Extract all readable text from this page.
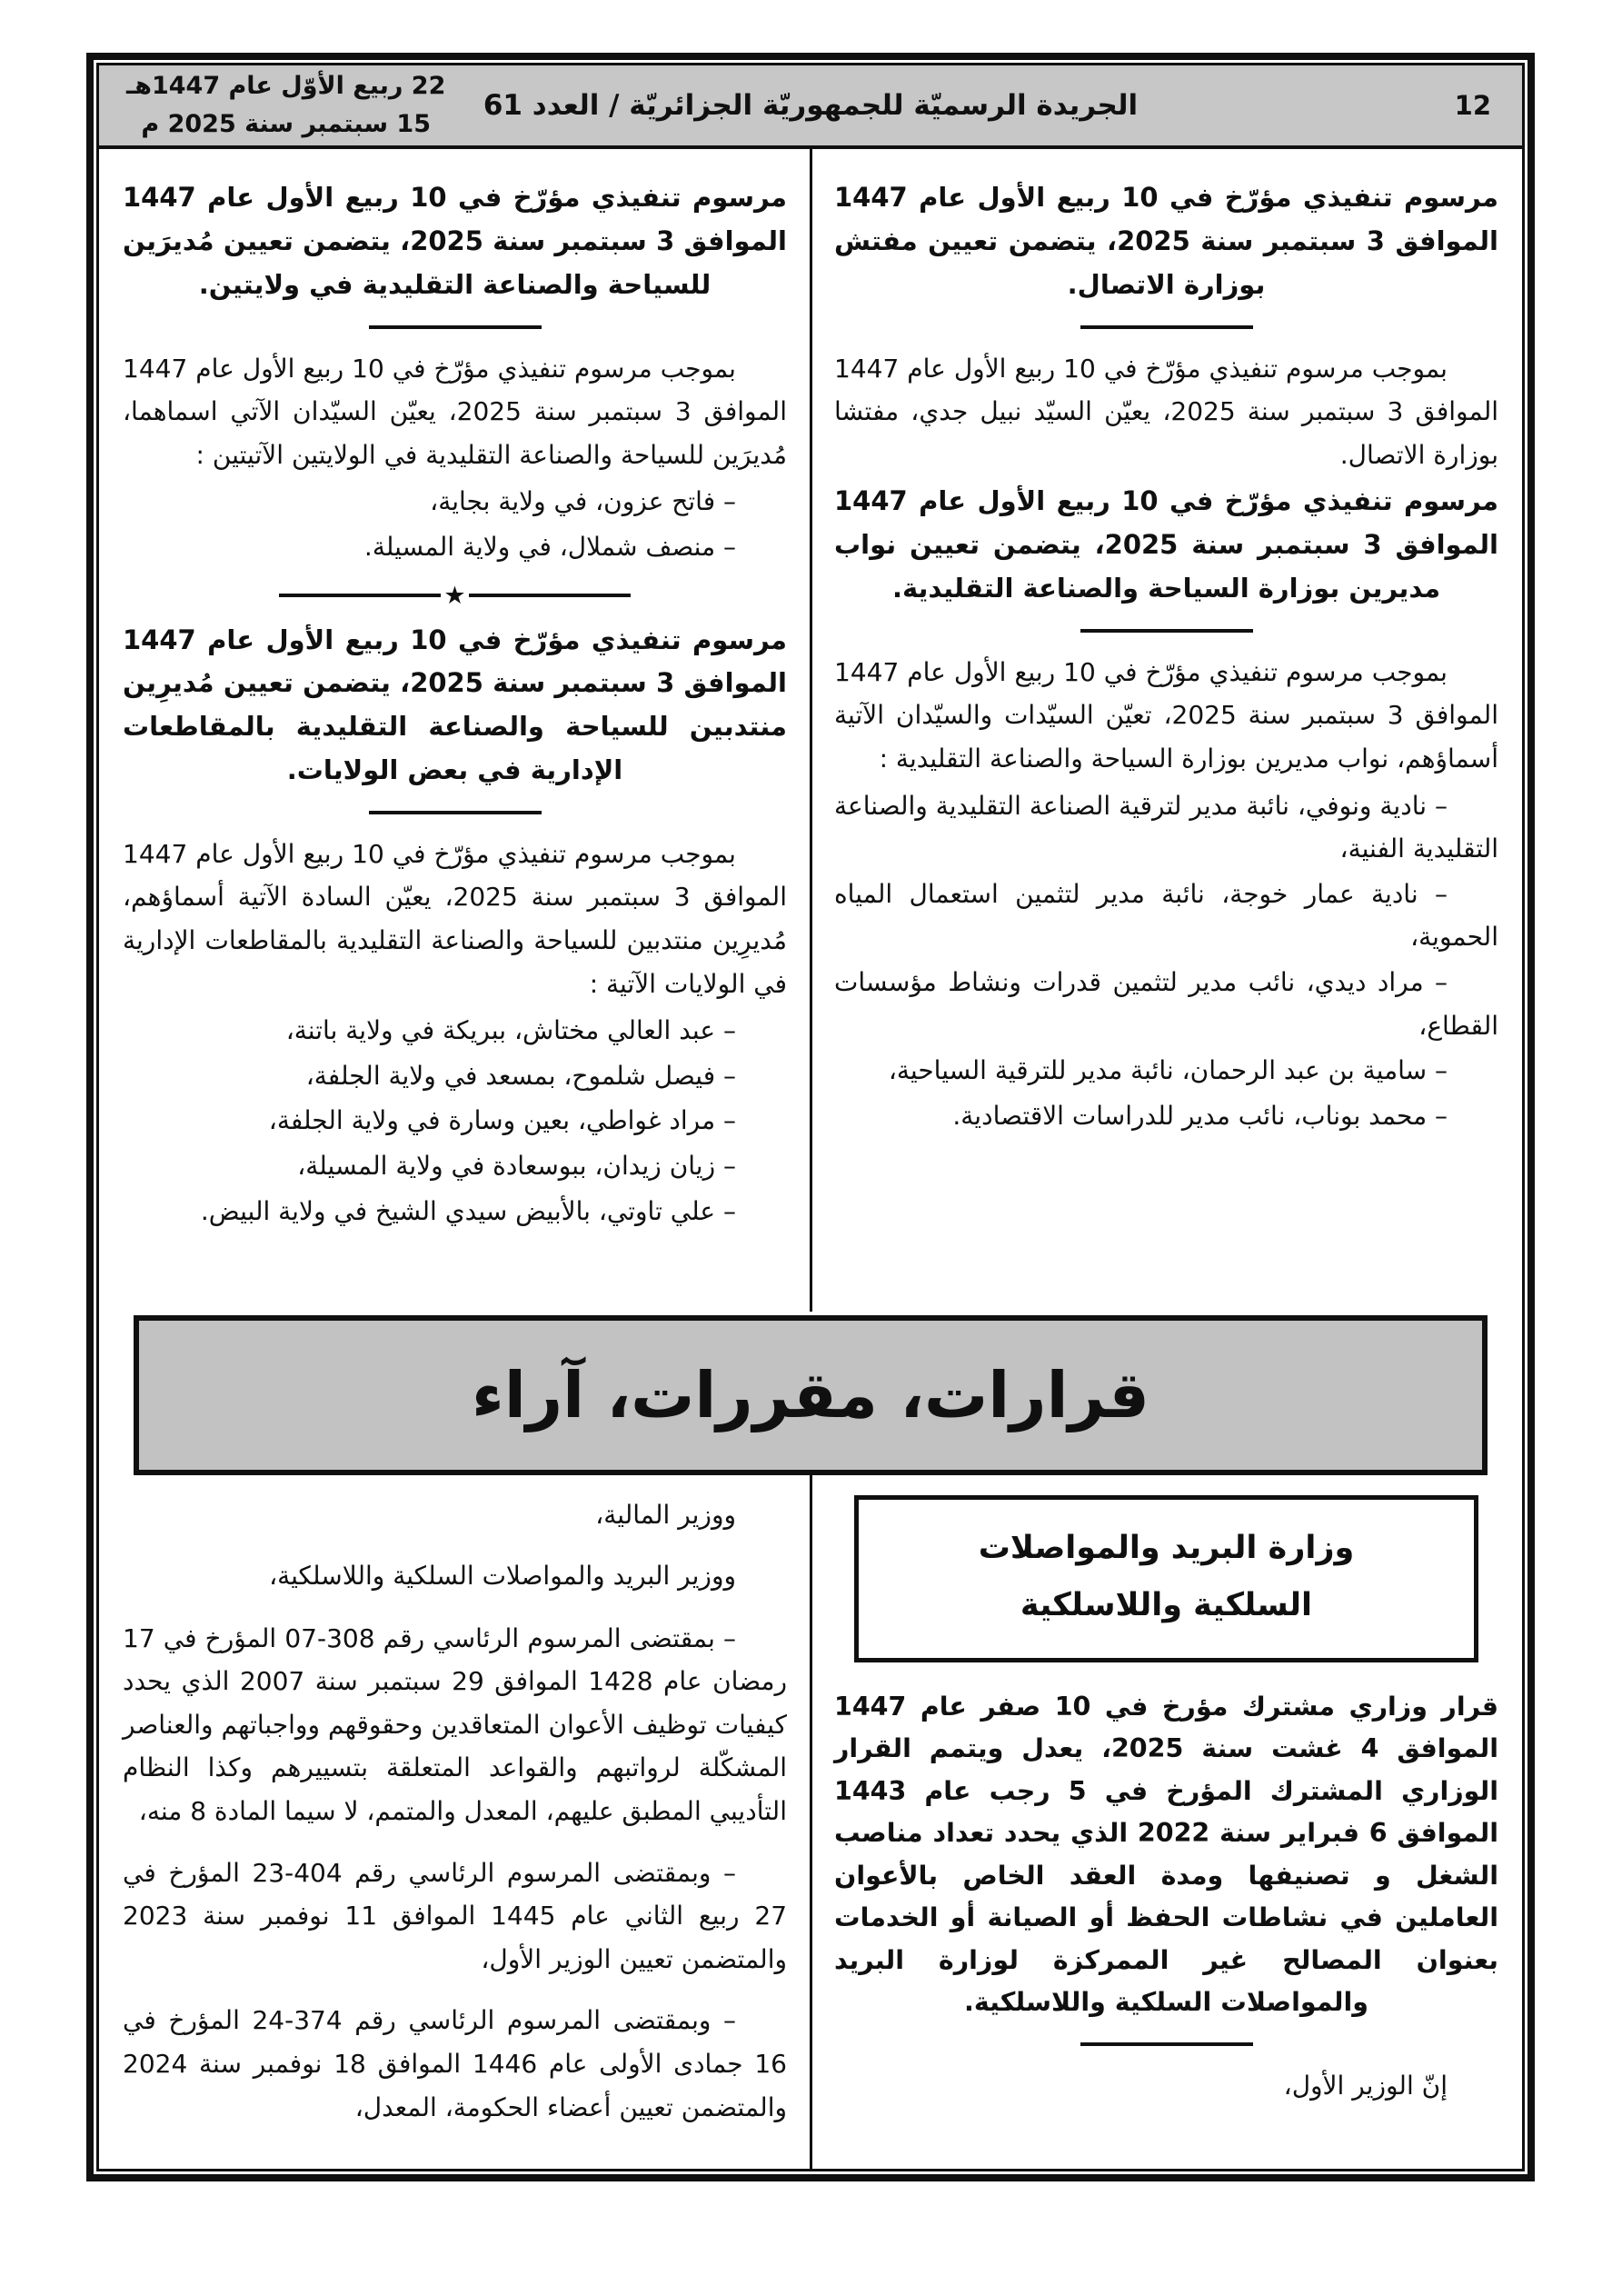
22 ربيع الأوّل عام 1447هـ
15 سبتمبر سنة 2025 م
الجريدة الرسميّة للجمهوريّة الجزائريّة / العدد 61	12

مرسوم تنفيذي مؤرّخ في 10 ربيع الأول عام 1447 الموافق 3 سبتمبر سنة 2025، يتضمن تعيين مفتش بوزارة الاتصال.

بموجب مرسوم تنفيذي مؤرّخ في 10 ربيع الأول عام 1447 الموافق 3 سبتمبر سنة 2025، يعيّن السيّد نبيل جدي، مفتشا بوزارة الاتصال.

مرسوم تنفيذي مؤرّخ في 10 ربيع الأول عام 1447 الموافق 3 سبتمبر سنة 2025، يتضمن تعيين نواب مديرين بوزارة السياحة والصناعة التقليدية.

بموجب مرسوم تنفيذي مؤرّخ في 10 ربيع الأول عام 1447 الموافق 3 سبتمبر سنة 2025، تعيّن السيّدات والسيّدان الآتية أسماؤهم، نواب مديرين بوزارة السياحة والصناعة التقليدية :

– نادية ونوفي، نائبة مدير لترقية الصناعة التقليدية والصناعة التقليدية الفنية،

– نادية عمار خوجة، نائبة مدير لتثمين استعمال المياه الحموية،

– مراد ديدي، نائب مدير لتثمين قدرات ونشاط مؤسسات القطاع،

– سامية بن عبد الرحمان، نائبة مدير للترقية السياحية،

– محمد بوناب، نائب مدير للدراسات الاقتصادية.

مرسوم تنفيذي مؤرّخ في 10 ربيع الأول عام 1447 الموافق 3 سبتمبر سنة 2025، يتضمن تعيين مُديرَين للسياحة والصناعة التقليدية في ولايتين.

بموجب مرسوم تنفيذي مؤرّخ في 10 ربيع الأول عام 1447 الموافق 3 سبتمبر سنة 2025، يعيّن السيّدان الآتي اسماهما، مُديرَين للسياحة والصناعة التقليدية في الولايتين الآتيتين :

– فاتح عزون، في ولاية بجاية،

– منصف شملال، في ولاية المسيلة.

★

مرسوم تنفيذي مؤرّخ في 10 ربيع الأول عام 1447 الموافق 3 سبتمبر سنة 2025، يتضمن تعيين مُديرِين منتدبين للسياحة والصناعة التقليدية بالمقاطعات الإدارية في بعض الولايات.

بموجب مرسوم تنفيذي مؤرّخ في 10 ربيع الأول عام 1447 الموافق 3 سبتمبر سنة 2025، يعيّن السادة الآتية أسماؤهم، مُديرِين منتدبين للسياحة والصناعة التقليدية بالمقاطعات الإدارية في الولايات الآتية :

– عبد العالي مختاش، ببريكة في ولاية باتنة،

– فيصل شلموح، بمسعد في ولاية الجلفة،

– مراد غواطي، بعين وسارة في ولاية الجلفة،

– زيان زيدان، ببوسعادة في ولاية المسيلة،

– علي تاوتي، بالأبيض سيدي الشيخ في ولاية البيض.

قرارات، مقررات، آراء
وزارة البريد والمواصلات
السلكية واللاسلكية

قرار وزاري مشترك مؤرخ في 10 صفر عام 1447 الموافق 4 غشت سنة 2025، يعدل ويتمم القرار الوزاري المشترك المؤرخ في 5 رجب عام 1443 الموافق 6 فبراير سنة 2022 الذي يحدد تعداد مناصب الشغل و تصنيفها ومدة العقد الخاص بالأعوان العاملين في نشاطات الحفظ أو الصيانة أو الخدمات بعنوان المصالح غير الممركزة لوزارة البريد والمواصلات السلكية واللاسلكية.

إنّ الوزير الأول،

ووزير المالية،

ووزير البريد والمواصلات السلكية واللاسلكية،

– بمقتضى المرسوم الرئاسي رقم 308-07 المؤرخ في 17 رمضان عام 1428 الموافق 29 سبتمبر سنة 2007 الذي يحدد كيفيات توظيف الأعوان المتعاقدين وحقوقهم وواجباتهم والعناصر المشكّلة لرواتبهم والقواعد المتعلقة بتسييرهم وكذا النظام التأديبي المطبق عليهم، المعدل والمتمم، لا سيما المادة 8 منه،

– وبمقتضى المرسوم الرئاسي رقم 404-23 المؤرخ في 27 ربيع الثاني عام 1445 الموافق 11 نوفمبر سنة 2023 والمتضمن تعيين الوزير الأول،

– وبمقتضى المرسوم الرئاسي رقم 374-24 المؤرخ في 16 جمادى الأولى عام 1446 الموافق 18 نوفمبر سنة 2024 والمتضمن تعيين أعضاء الحكومة، المعدل،
